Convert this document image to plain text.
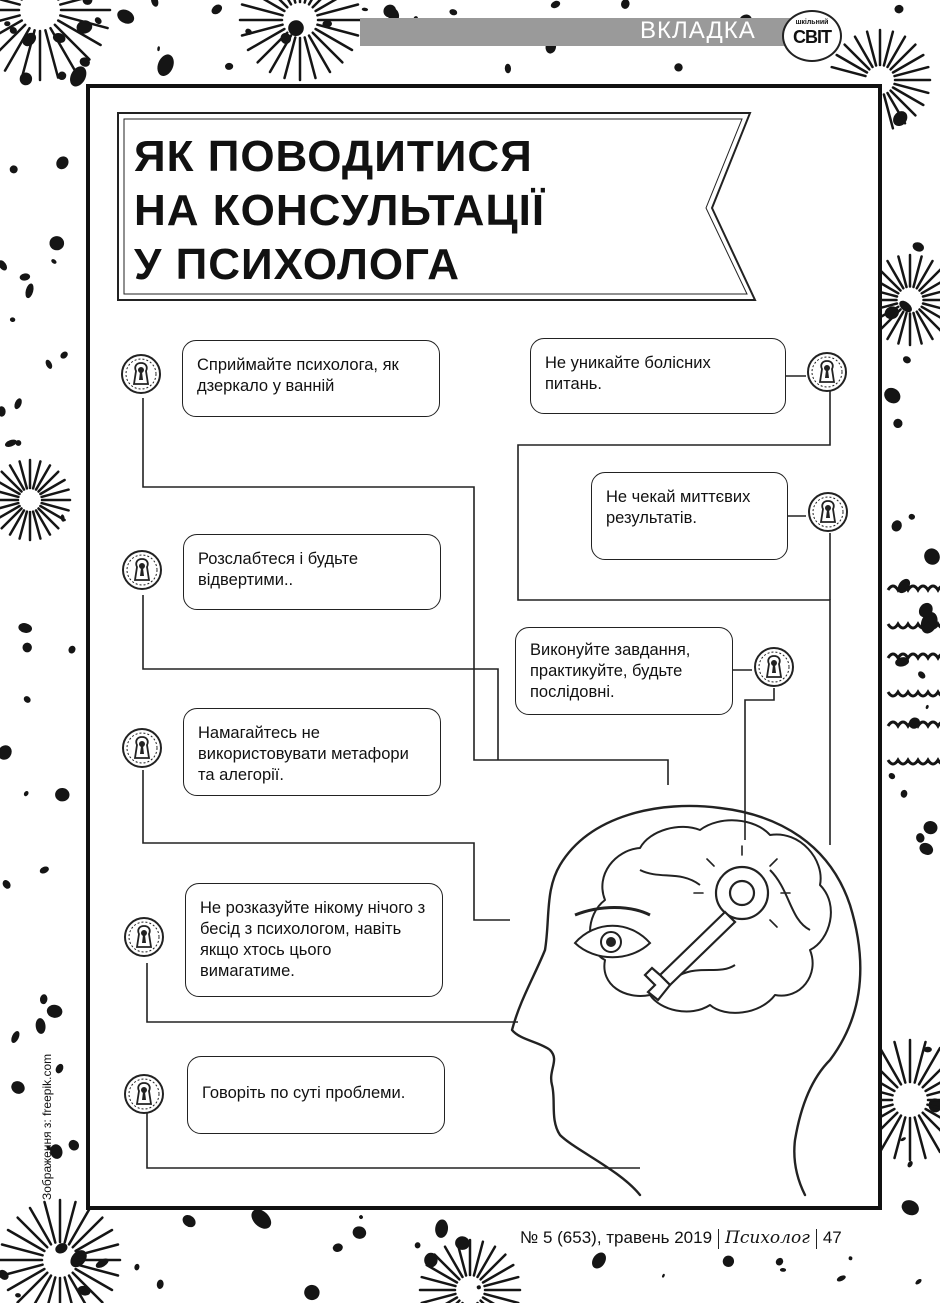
ВКЛАДКА	шкільний
СВІТ
ЯК ПОВОДИТИСЯ
НА КОНСУЛЬТАЦІЇ
У ПСИХОЛОГА
Сприймайте психолога, як дзеркало у ванній
Розслабтеся і будьте відвертими..
Намагайтесь не використовувати метафори та алегорії.
Не розказуйте нікому нічого з бесід з психологом, навіть якщо хтось цього вимагатиме.
Говоріть по суті проблеми.
Не уникайте болісних питань.
Не чекай миттєвих результатів.
Виконуйте завдання, практикуйте, будьте послідовні.
Зображення з: freepik.com
№ 5 (653), травень 2019 Психолог 47
